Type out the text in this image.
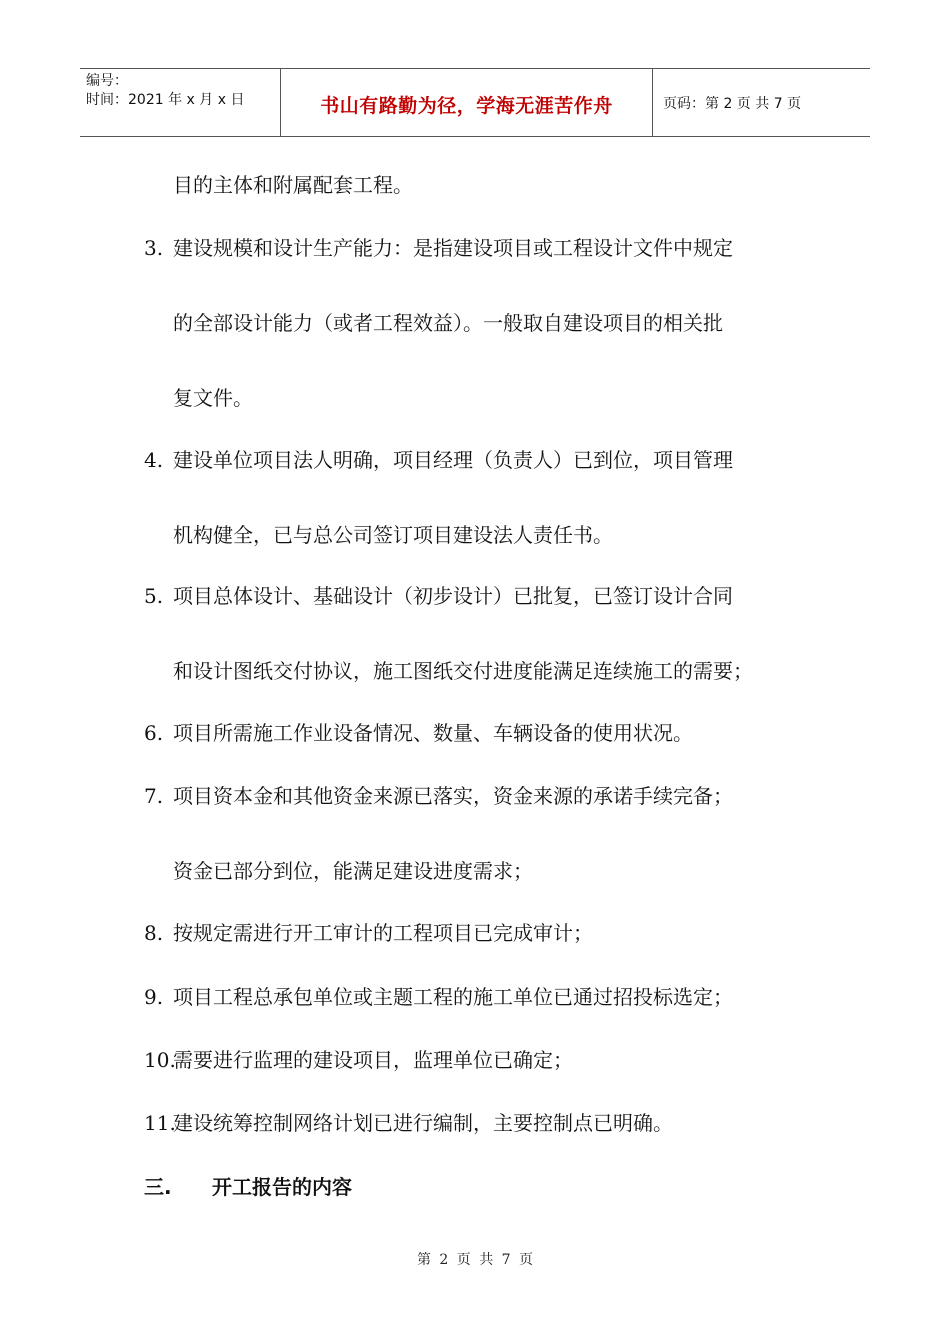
编号：
时间：2021 年 x 月 x 日	书山有路勤为径，学海无涯苦作舟	页码：第 2 页 共 7 页
目的主体和附属配套工程。
3. 建设规模和设计生产能力：是指建设项目或工程设计文件中规定
的全部设计能力（或者工程效益）。一般取自建设项目的相关批
复文件。
4. 建设单位项目法人明确，项目经理（负责人）已到位，项目管理
机构健全，已与总公司签订项目建设法人责任书。
5. 项目总体设计、基础设计（初步设计）已批复，已签订设计合同
和设计图纸交付协议，施工图纸交付进度能满足连续施工的需要；
6. 项目所需施工作业设备情况、数量、车辆设备的使用状况。
7. 项目资本金和其他资金来源已落实，资金来源的承诺手续完备；
资金已部分到位，能满足建设进度需求；
8. 按规定需进行开工审计的工程项目已完成审计；
9. 项目工程总承包单位或主题工程的施工单位已通过招投标选定；
10.
需要进行监理的建设项目，监理单位已确定；
11.
建设统筹控制网络计划已进行编制，主要控制点已明确。
三. 开工报告的内容
第 2 页 共 7 页
